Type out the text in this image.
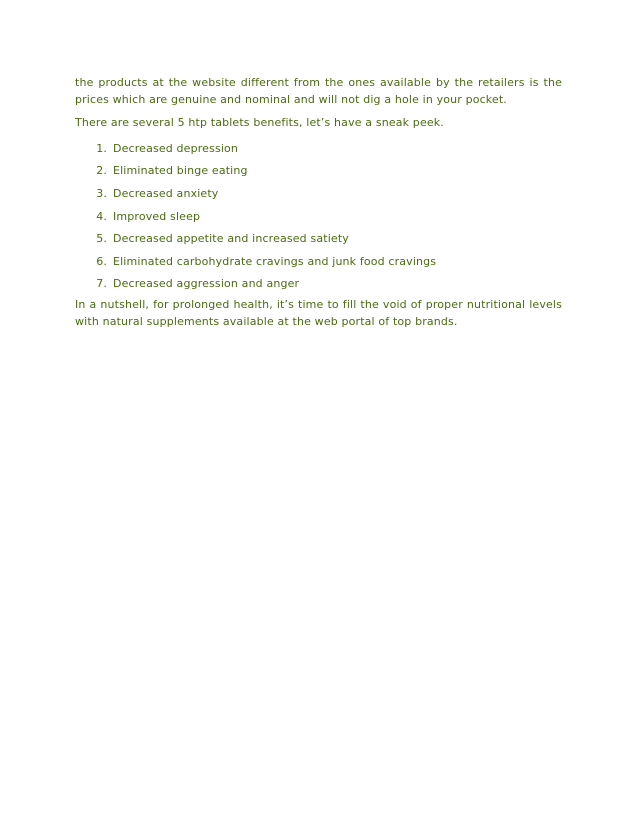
the products at the website different from the ones available by the retailers is the prices which are genuine and nominal and will not dig a hole in your pocket.

There are several 5 htp tablets benefits, let’s have a sneak peek.

1. Decreased depression
2. Eliminated binge eating
3. Decreased anxiety
4. Improved sleep
5. Decreased appetite and increased satiety
6. Eliminated carbohydrate cravings and junk food cravings
7. Decreased aggression and anger

In a nutshell, for prolonged health, it’s time to fill the void of proper nutritional levels with natural supplements available at the web portal of top brands.
